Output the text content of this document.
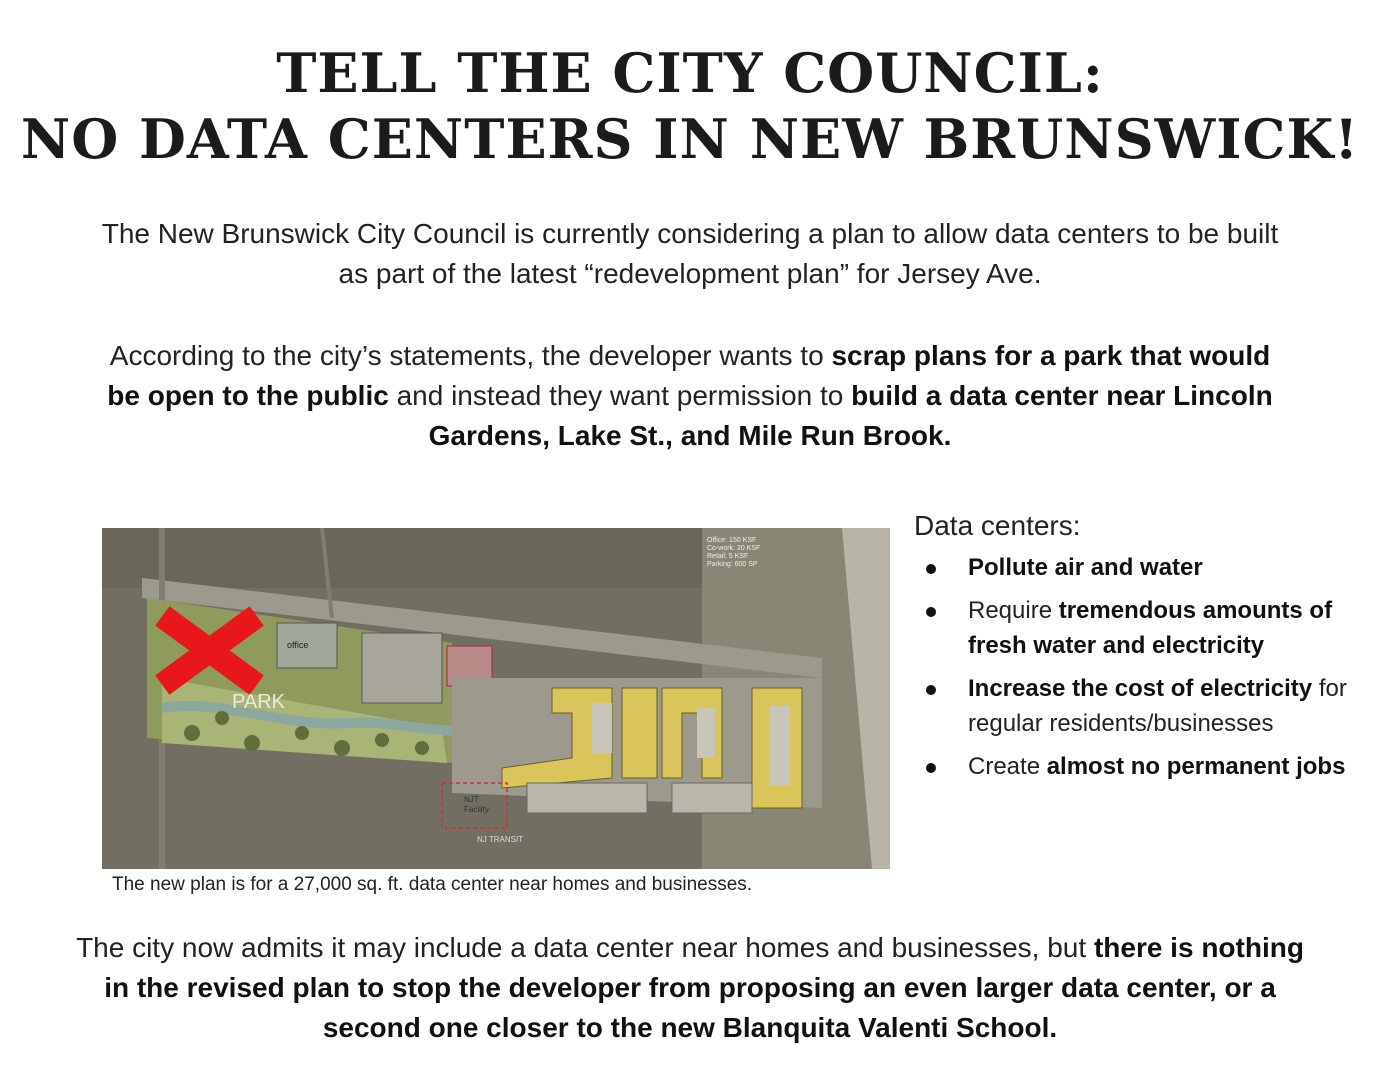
TELL THE CITY COUNCIL:
NO DATA CENTERS IN NEW BRUNSWICK!
The New Brunswick City Council is currently considering a plan to allow data centers to be built as part of the latest “redevelopment plan” for Jersey Ave.
According to the city’s statements, the developer wants to scrap plans for a park that would be open to the public and instead they want permission to build a data center near Lincoln Gardens, Lake St., and Mile Run Brook.
PARK
office
NJT
Facility
NJ TRANSIT
Office: 150 KSF
Co-work: 20 KSF
Retail: 5 KSF
Parking: 600 SP
The new plan is for a 27,000 sq. ft. data center near homes and businesses.
Data centers:
Pollute air and water
Require tremendous amounts of fresh water and electricity
Increase the cost of electricity for regular residents/businesses
Create almost no permanent jobs
The city now admits it may include a data center near homes and businesses, but there is nothing in the revised plan to stop the developer from proposing an even larger data center, or a second one closer to the new Blanquita Valenti School.
